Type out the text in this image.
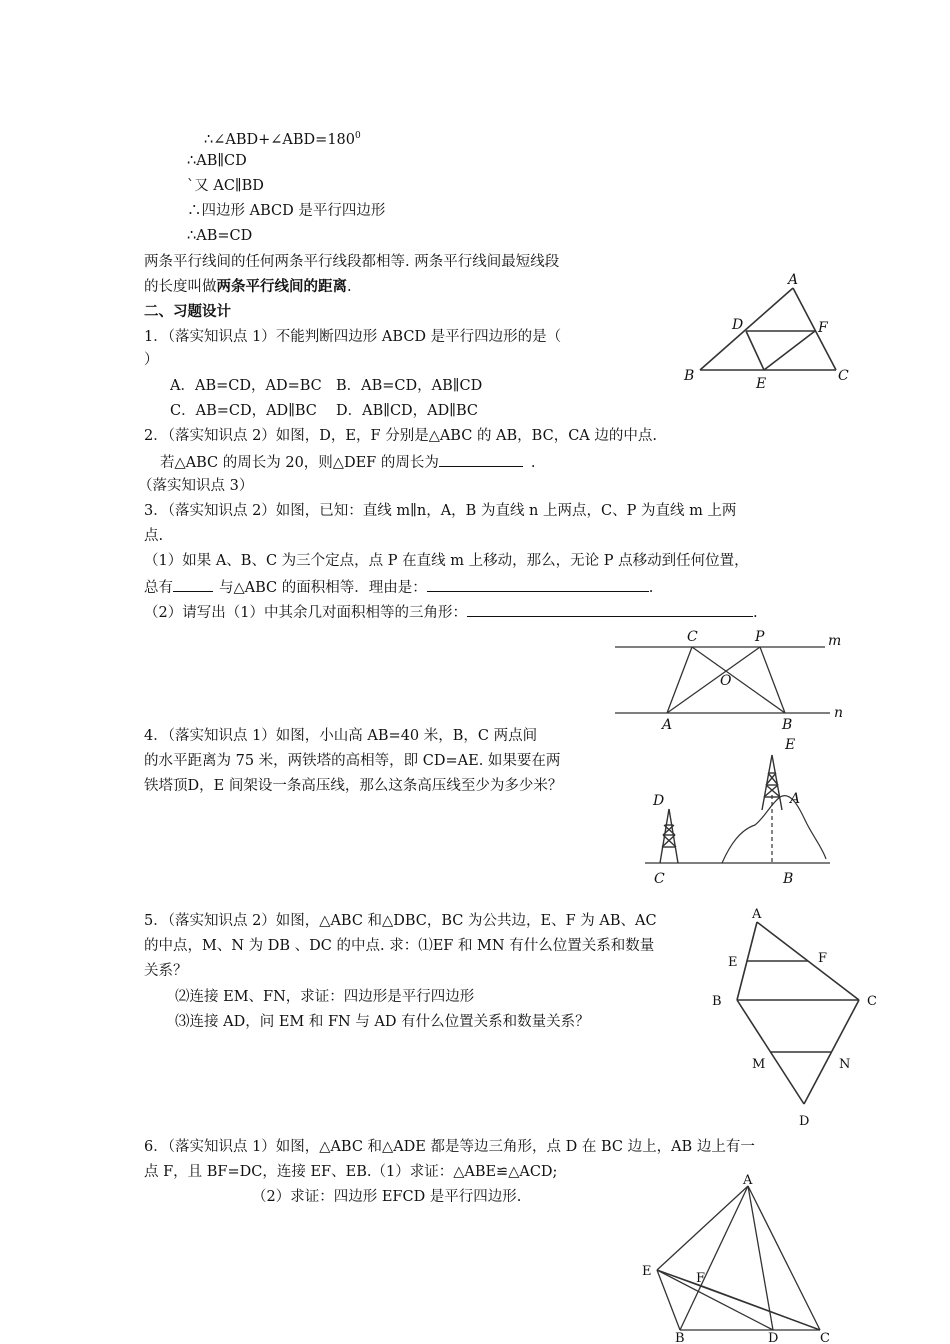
$\therefore\angle ABD+\angle ABD=180^0$
∴AB∥CD
`又 AC∥BD
∴四边形 ABCD 是平行四边形
∴AB=CD
两条平行线间的任何两条平行线段都相等. 两条平行线间最短线段
的长度叫做两条平行线间的距离.
二、习题设计
1．（落实知识点 1）不能判断四边形 ABCD 是平行四边形的是（
）
A．AB=CD，AD=BC B．AB=CD，AB∥CD
C．AB=CD，AD∥BC D．AB∥CD，AD∥BC
2．（落实知识点 2）如图，D，E，F 分别是△ABC 的 AB，BC，CA 边的中点.
若△ABC 的周长为 20，则△DEF 的周长为	.
（落实知识点 3）
3．（落实知识点 2）如图，已知：直线 m∥n，A，B 为直线 n 上两点，C、P 为直线 m 上两
点.
（1）如果 A、B、C 为三个定点，点 P 在直线 m 上移动，那么，无论 P 点移动到任何位置，
总有	与△ABC 的面积相等．理由是：	.
（2）请写出（1）中其余几对面积相等的三角形：	.
4．（落实知识点 1）如图，小山高 AB=40 米，B，C 两点间
的水平距离为 75 米，两铁塔的高相等，即 CD=AE. 如果要在两
铁塔顶D，E 间架设一条高压线，那么这条高压线至少为多少米？
5．（落实知识点 2）如图，△ABC 和△DBC，BC 为公共边，E、F 为 AB、AC
的中点，M、N 为 DB 、DC 的中点. 求：⑴EF 和 MN 有什么位置关系和数量
关系？
⑵连接 EM、FN，求证：四边形是平行四边形
⑶连接 AD，问 EM 和 FN 与 AD 有什么位置关系和数量关系？
6．（落实知识点 1）如图，△ABC 和△ADE 都是等边三角形，点 D 在 BC 边上，AB 边上有一
点 F，且 BF=DC，连接 EF、EB.（1）求证：△ABE≌△ACD;
（2）求证：四边形 EFCD 是平行四边形.
A
D	F
B	E	C
C	P	m
O
A	B
n
E
A
D
C	B
A
E	F
B	C
M	N
D
A
F
E
B	D	C
